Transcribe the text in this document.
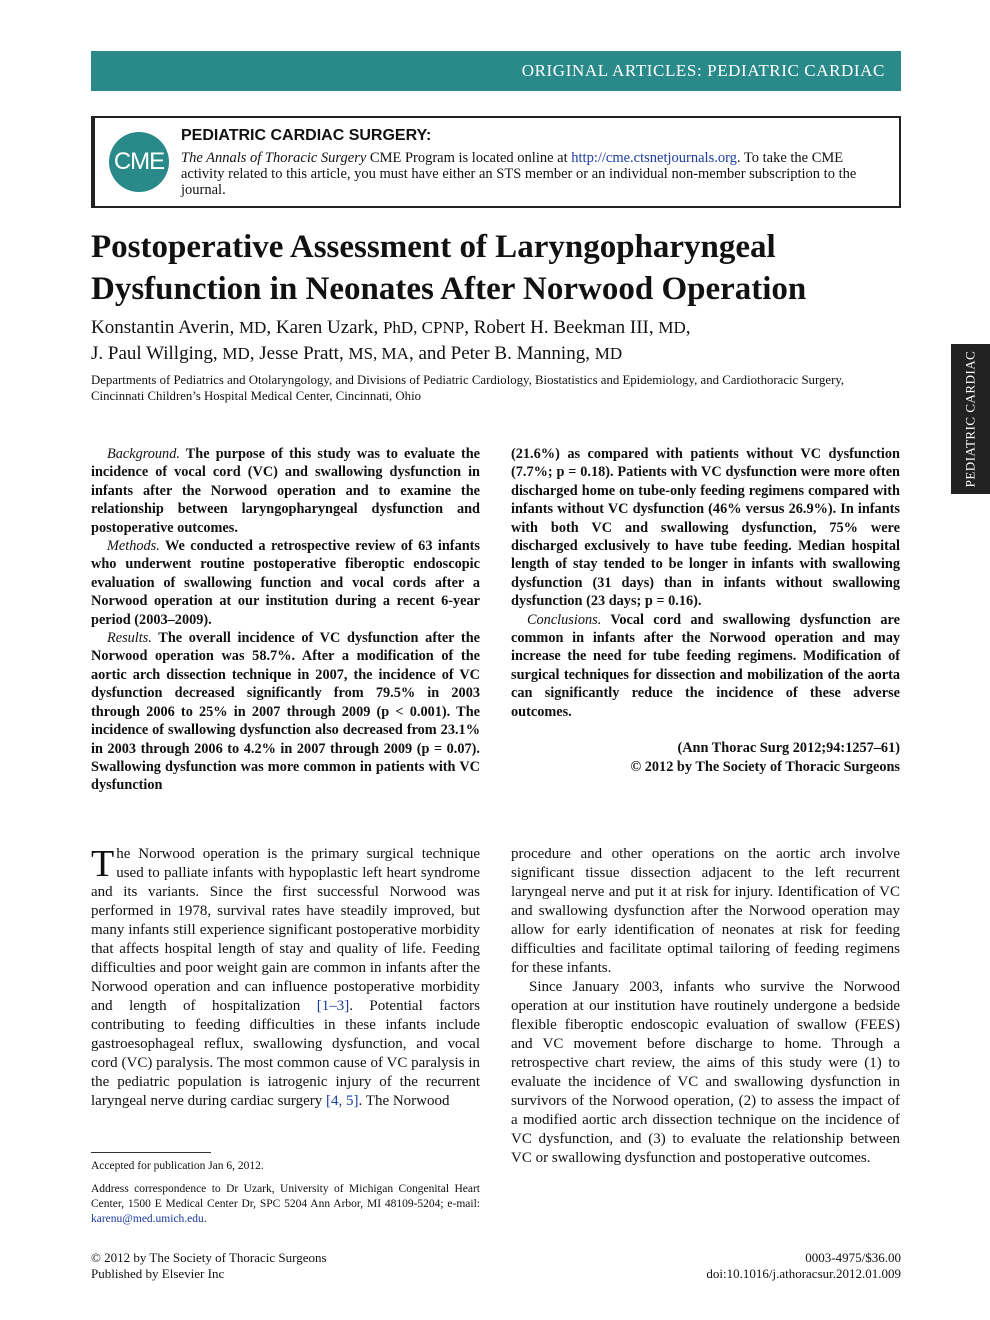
ORIGINAL ARTICLES: PEDIATRIC CARDIAC
CME
PEDIATRIC CARDIAC SURGERY:
The Annals of Thoracic Surgery CME Program is located online at http://cme.ctsnetjournals.org. To take the CME activity related to this article, you must have either an STS member or an individual non-member subscription to the journal.
Postoperative Assessment of Laryngopharyngeal Dysfunction in Neonates After Norwood Operation
Konstantin Averin, MD, Karen Uzark, PhD, CPNP, Robert H. Beekman III, MD,
J. Paul Willging, MD, Jesse Pratt, MS, MA, and Peter B. Manning, MD
Departments of Pediatrics and Otolaryngology, and Divisions of Pediatric Cardiology, Biostatistics and Epidemiology, and Cardiothoracic Surgery, Cincinnati Children’s Hospital Medical Center, Cincinnati, Ohio	PEDIATRIC CARDIAC

Background. The purpose of this study was to evaluate the incidence of vocal cord (VC) and swallowing dysfunction in infants after the Norwood operation and to examine the relationship between laryngopharyngeal dysfunction and postoperative outcomes.

Methods. We conducted a retrospective review of 63 infants who underwent routine postoperative fiberoptic endoscopic evaluation of swallowing function and vocal cords after a Norwood operation at our institution during a recent 6-year period (2003–2009).

Results. The overall incidence of VC dysfunction after the Norwood operation was 58.7%. After a modification of the aortic arch dissection technique in 2007, the incidence of VC dysfunction decreased significantly from 79.5% in 2003 through 2006 to 25% in 2007 through 2009 (p < 0.001). The incidence of swallowing dysfunction also decreased from 23.1% in 2003 through 2006 to 4.2% in 2007 through 2009 (p = 0.07). Swallowing dysfunction was more common in patients with VC dysfunction

(21.6%) as compared with patients without VC dysfunction (7.7%; p = 0.18). Patients with VC dysfunction were more often discharged home on tube-only feeding regimens compared with infants without VC dysfunction (46% versus 26.9%). In infants with both VC and swallowing dysfunction, 75% were discharged exclusively to have tube feeding. Median hospital length of stay tended to be longer in infants with swallowing dysfunction (31 days) than in infants without swallowing dysfunction (23 days; p = 0.16).

Conclusions. Vocal cord and swallowing dysfunction are common in infants after the Norwood operation and may increase the need for tube feeding regimens. Modification of surgical techniques for dissection and mobilization of the aorta can significantly reduce the incidence of these adverse outcomes.

(Ann Thorac Surg 2012;94:1257–61)
© 2012 by The Society of Thoracic Surgeons

The Norwood operation is the primary surgical technique used to palliate infants with hypoplastic left heart syndrome and its variants. Since the first successful Norwood was performed in 1978, survival rates have steadily improved, but many infants still experience significant postoperative morbidity that affects hospital length of stay and quality of life. Feeding difficulties and poor weight gain are common in infants after the Norwood operation and can influence postoperative morbidity and length of hospitalization [1–3]. Potential factors contributing to feeding difficulties in these infants include gastroesophageal reflux, swallowing dysfunction, and vocal cord (VC) paralysis. The most common cause of VC paralysis in the pediatric population is iatrogenic injury of the recurrent laryngeal nerve during cardiac surgery [4, 5]. The Norwood

procedure and other operations on the aortic arch involve significant tissue dissection adjacent to the left recurrent laryngeal nerve and put it at risk for injury. Identification of VC and swallowing dysfunction after the Norwood operation may allow for early identification of neonates at risk for feeding difficulties and facilitate optimal tailoring of feeding regimens for these infants.

Since January 2003, infants who survive the Norwood operation at our institution have routinely undergone a bedside flexible fiberoptic endoscopic evaluation of swallow (FEES) and VC movement before discharge to home. Through a retrospective chart review, the aims of this study were (1) to evaluate the incidence of VC and swallowing dysfunction in survivors of the Norwood operation, (2) to assess the impact of a modified aortic arch dissection technique on the incidence of VC dysfunction, and (3) to evaluate the relationship between VC or swallowing dysfunction and postoperative outcomes.

Accepted for publication Jan 6, 2012.
Address correspondence to Dr Uzark, University of Michigan Congenital Heart Center, 1500 E Medical Center Dr, SPC 5204 Ann Arbor, MI 48109-5204; e-mail: karenu@med.umich.edu.
© 2012 by The Society of Thoracic Surgeons
Published by Elsevier Inc
0003-4975/$36.00
doi:10.1016/j.athoracsur.2012.01.009
